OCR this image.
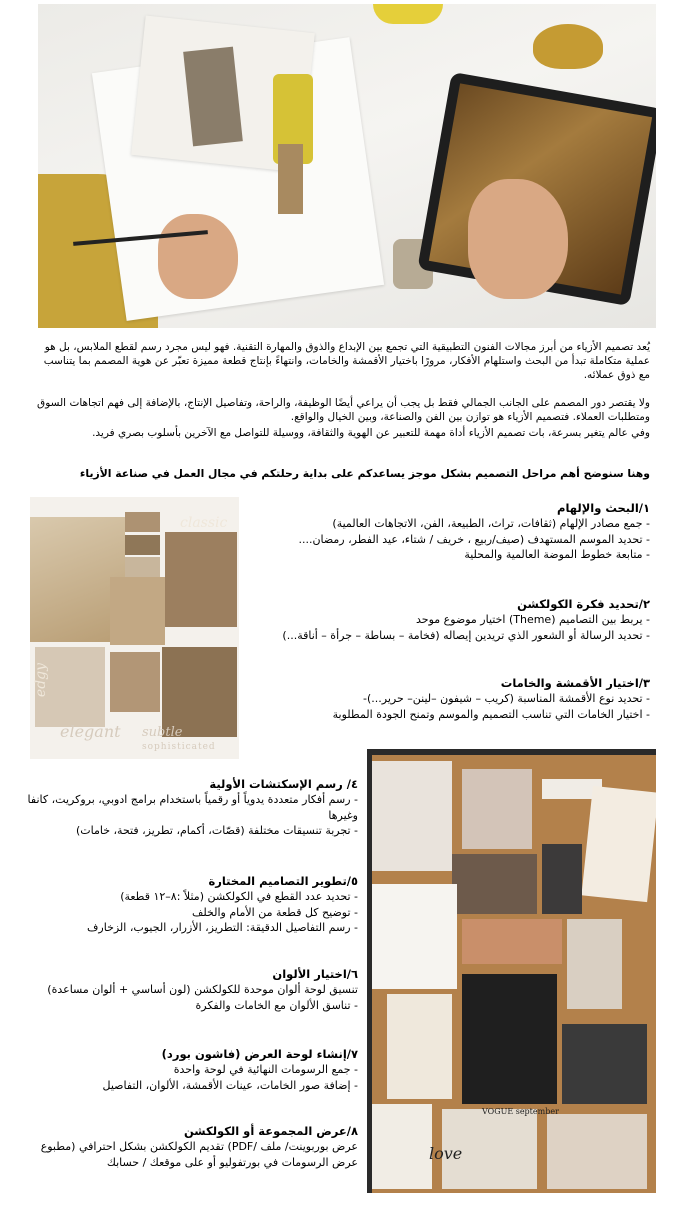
يُعد تصميم الأزياء من أبرز مجالات الفنون التطبيقية التي تجمع بين الإبداع والذوق والمهارة التقنية. فهو ليس مجرد رسم لقطع الملابس، بل هو عملية متكاملة تبدأ من البحث واستلهام الأفكار، مرورًا باختيار الأقمشة والخامات، وانتهاءً بإنتاج قطعة مميزة تعبّر عن هوية المصمم بما يتناسب مع ذوق عملائه.
ولا يقتصر دور المصمم على الجانب الجمالي فقط بل يجب أن يراعي أيضًا الوظيفة، والراحة، وتفاصيل الإنتاج، بالإضافة إلى فهم اتجاهات السوق ومتطلبات العملاء. فتصميم الأزياء هو توازن بين الفن والصناعة، وبين الخيال والواقع.
وفي عالم يتغير بسرعة، بات تصميم الأزياء أداة مهمة للتعبير عن الهوية والثقافة، ووسيلة للتواصل مع الآخرين بأسلوب بصري فريد.
وهنا سنوضح أهم مراحل التصميم بشكل موجز يساعدكم على بداية رحلتكم في مجال العمل في صناعة الأزياء
classic
edgy
elegant subtle
sophisticated
١/البحث والإلهام
- جمع مصادر الإلهام (ثقافات، تراث، الطبيعة، الفن، الاتجاهات العالمية)
- تحديد الموسم المستهدف (صيف/ربيع ، خريف / شتاء، عيد الفطر، رمضان....
- متابعة خطوط الموضة العالمية والمحلية
٢/تحديد فكرة الكولكشن
- يربط بين التصاميم (Theme) اختيار موضوع موحد
- تحديد الرسالة أو الشعور الذي تريدين إيصاله (فخامة – بساطة – جرأة – أناقة...)
٣/اختيار الأقمشة والخامات
- تحديد نوع الأقمشة المناسبة (كريب – شيفون –لينن– حرير...)-
- اختيار الخامات التي تناسب التصميم والموسم وتمنح الجودة المطلوبة
love
VOGUE september
٤/ رسم الإسكتشات الأولية
- رسم أفكار متعددة يدوياً أو رقمياً باستخدام برامج ادوبي، بروكريت، كانفا وغيرها
- تجربة تنسيقات مختلفة (قصّات، أكمام، تطريز، فتحة، خامات)
٥/تطوير التصاميم المختارة
- تحديد عدد القطع في الكولكشن (مثلاً :٨–١٢ قطعة)
- توضيح كل قطعة من الأمام والخلف
- رسم التفاصيل الدقيقة: التطريز، الأزرار، الجيوب، الزخارف
٦/اختيار الألوان
تنسيق لوحة ألوان موحدة للكولكشن (لون أساسي + ألوان مساعدة)
- تناسق الألوان مع الخامات والفكرة
٧/إنشاء لوحة العرض (فاشون بورد)
- جمع الرسومات النهائية في لوحة واحدة
- إضافة صور الخامات، عينات الأقمشة، الألوان، التفاصيل
٨/عرض المجموعة أو الكولكشن
عرض بوربوينت/ ملف /PDF) تقديم الكولكشن بشكل احترافي (مطبوع
عرض الرسومات في بورتفوليو أو على موقعك / حسابك
